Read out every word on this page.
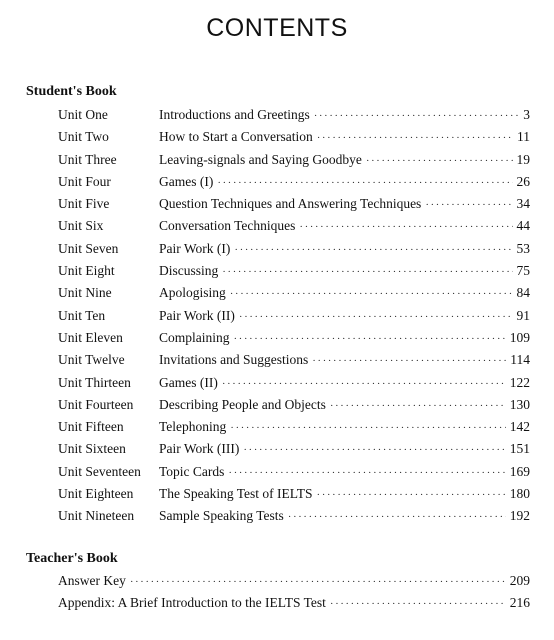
CONTENTS
Student's Book
Unit One	Introductions and Greetings ·····	3
Unit Two	How to Start a Conversation ·····	11
Unit Three	Leaving-signals and Saying Goodbye ·····	19
Unit Four	Games (I) ·····	26
Unit Five	Question Techniques and Answering Techniques ·····	34
Unit Six	Conversation Techniques ·····	44
Unit Seven	Pair Work (I) ·····	53
Unit Eight	Discussing ·····	75
Unit Nine	Apologising ·····	84
Unit Ten	Pair Work (II) ·····	91
Unit Eleven	Complaining ·····	109
Unit Twelve	Invitations and Suggestions ·····	114
Unit Thirteen Games (II) ·····	122
Unit Fourteen Describing People and Objects ·····	130
Unit Fifteen	Telephoning ·····	142
Unit Sixteen Pair Work (III) ·····	151
Unit Seventeen Topic Cards ·····	169
Unit Eighteen The Speaking Test of IELTS ·····	180
Unit Nineteen Sample Speaking Tests ·····	192
Teacher's Book
Answer Key ·····	209
Appendix: A Brief Introduction to the IELTS Test ·····	216
